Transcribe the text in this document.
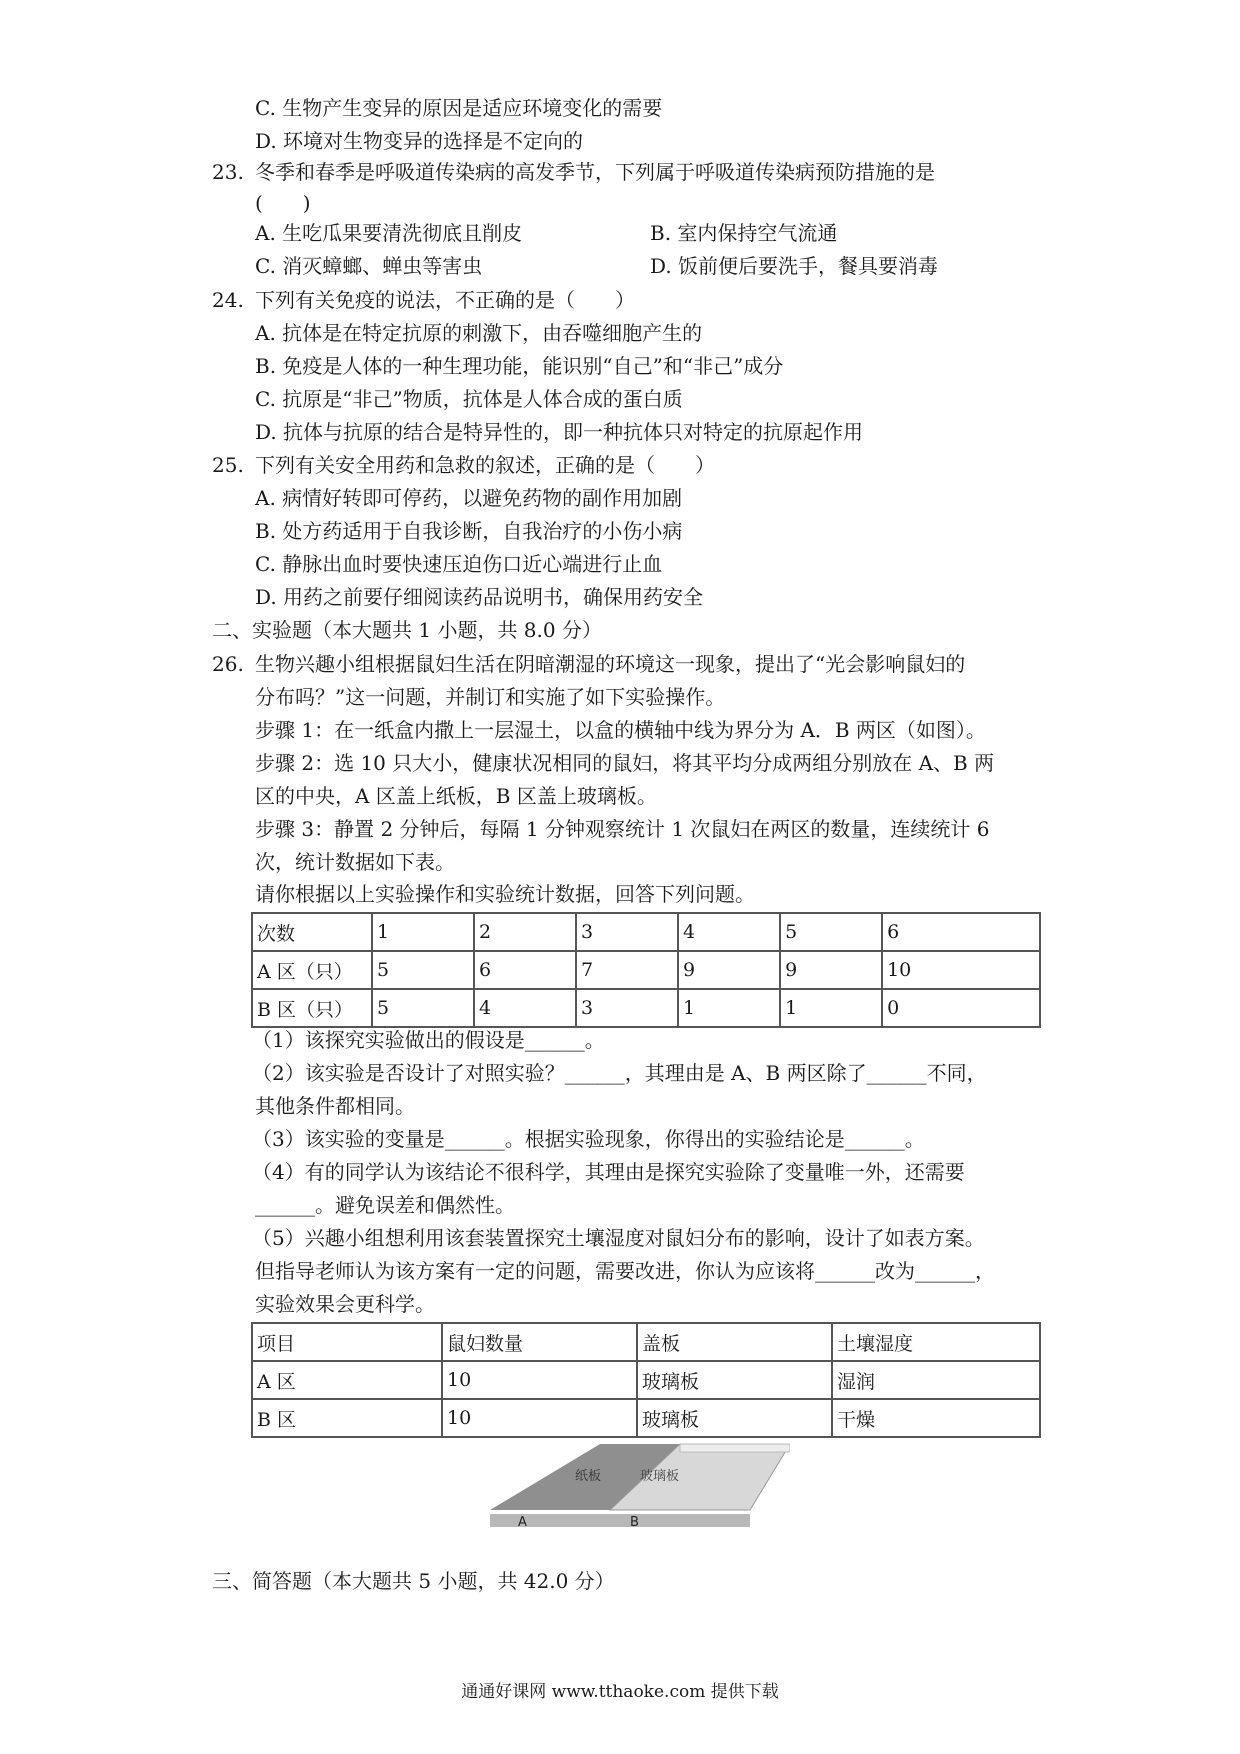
C. 生物产生变异的原因是适应环境变化的需要
D. 环境对生物变异的选择是不定向的
23. 冬季和春季是呼吸道传染病的高发季节，下列属于呼吸道传染病预防措施的是
(　　)
A. 生吃瓜果要清洗彻底且削皮	B. 室内保持空气流通
C. 消灭蟑螂、蝉虫等害虫	D. 饭前便后要洗手，餐具要消毒
24. 下列有关免疫的说法，不正确的是（　　）
A. 抗体是在特定抗原的刺激下，由吞噬细胞产生的
B. 免疫是人体的一种生理功能，能识别“自己”和“非己”成分
C. 抗原是“非己”物质，抗体是人体合成的蛋白质
D. 抗体与抗原的结合是特异性的，即一种抗体只对特定的抗原起作用
25. 下列有关安全用药和急救的叙述，正确的是（　　）
A. 病情好转即可停药，以避免药物的副作用加剧
B. 处方药适用于自我诊断，自我治疗的小伤小病
C. 静脉出血时要快速压迫伤口近心端进行止血
D. 用药之前要仔细阅读药品说明书，确保用药安全
二、实验题（本大题共 1 小题，共 8.0 分）
26. 生物兴趣小组根据鼠妇生活在阴暗潮湿的环境这一现象，提出了“光会影响鼠妇的
分布吗？”这一问题，并制订和实施了如下实验操作。
步骤 1：在一纸盒内撒上一层湿土，以盒的横轴中线为界分为 A．B 两区（如图）。
步骤 2：选 10 只大小，健康状况相同的鼠妇，将其平均分成两组分别放在 A、B 两
区的中央，A 区盖上纸板，B 区盖上玻璃板。
步骤 3：静置 2 分钟后，每隔 1 分钟观察统计 1 次鼠妇在两区的数量，连续统计 6
次，统计数据如下表。
请你根据以上实验操作和实验统计数据，回答下列问题。
次数	1	2	3	4	5	6
A 区（只）	5	6	7	9	9	10
B 区（只）	5	4	3	1	1	0
（1）该探究实验做出的假设是______。
（2）该实验是否设计了对照实验？______，其理由是 A、B 两区除了______不同，
其他条件都相同。
（3）该实验的变量是______。根据实验现象，你得出的实验结论是______。
（4）有的同学认为该结论不很科学，其理由是探究实验除了变量唯一外，还需要
______。避免误差和偶然性。
（5）兴趣小组想利用该套装置探究土壤湿度对鼠妇分布的影响，设计了如表方案。
但指导老师认为该方案有一定的问题，需要改进，你认为应该将______改为______，
实验效果会更科学。
项目	鼠妇数量	盖板	土壤湿度
A 区	10	玻璃板	湿润
B 区	10	玻璃板	干燥
纸板	玻璃板
A	B
三、简答题（本大题共 5 小题，共 42.0 分）
通通好课网 www.tthaoke.com 提供下载
